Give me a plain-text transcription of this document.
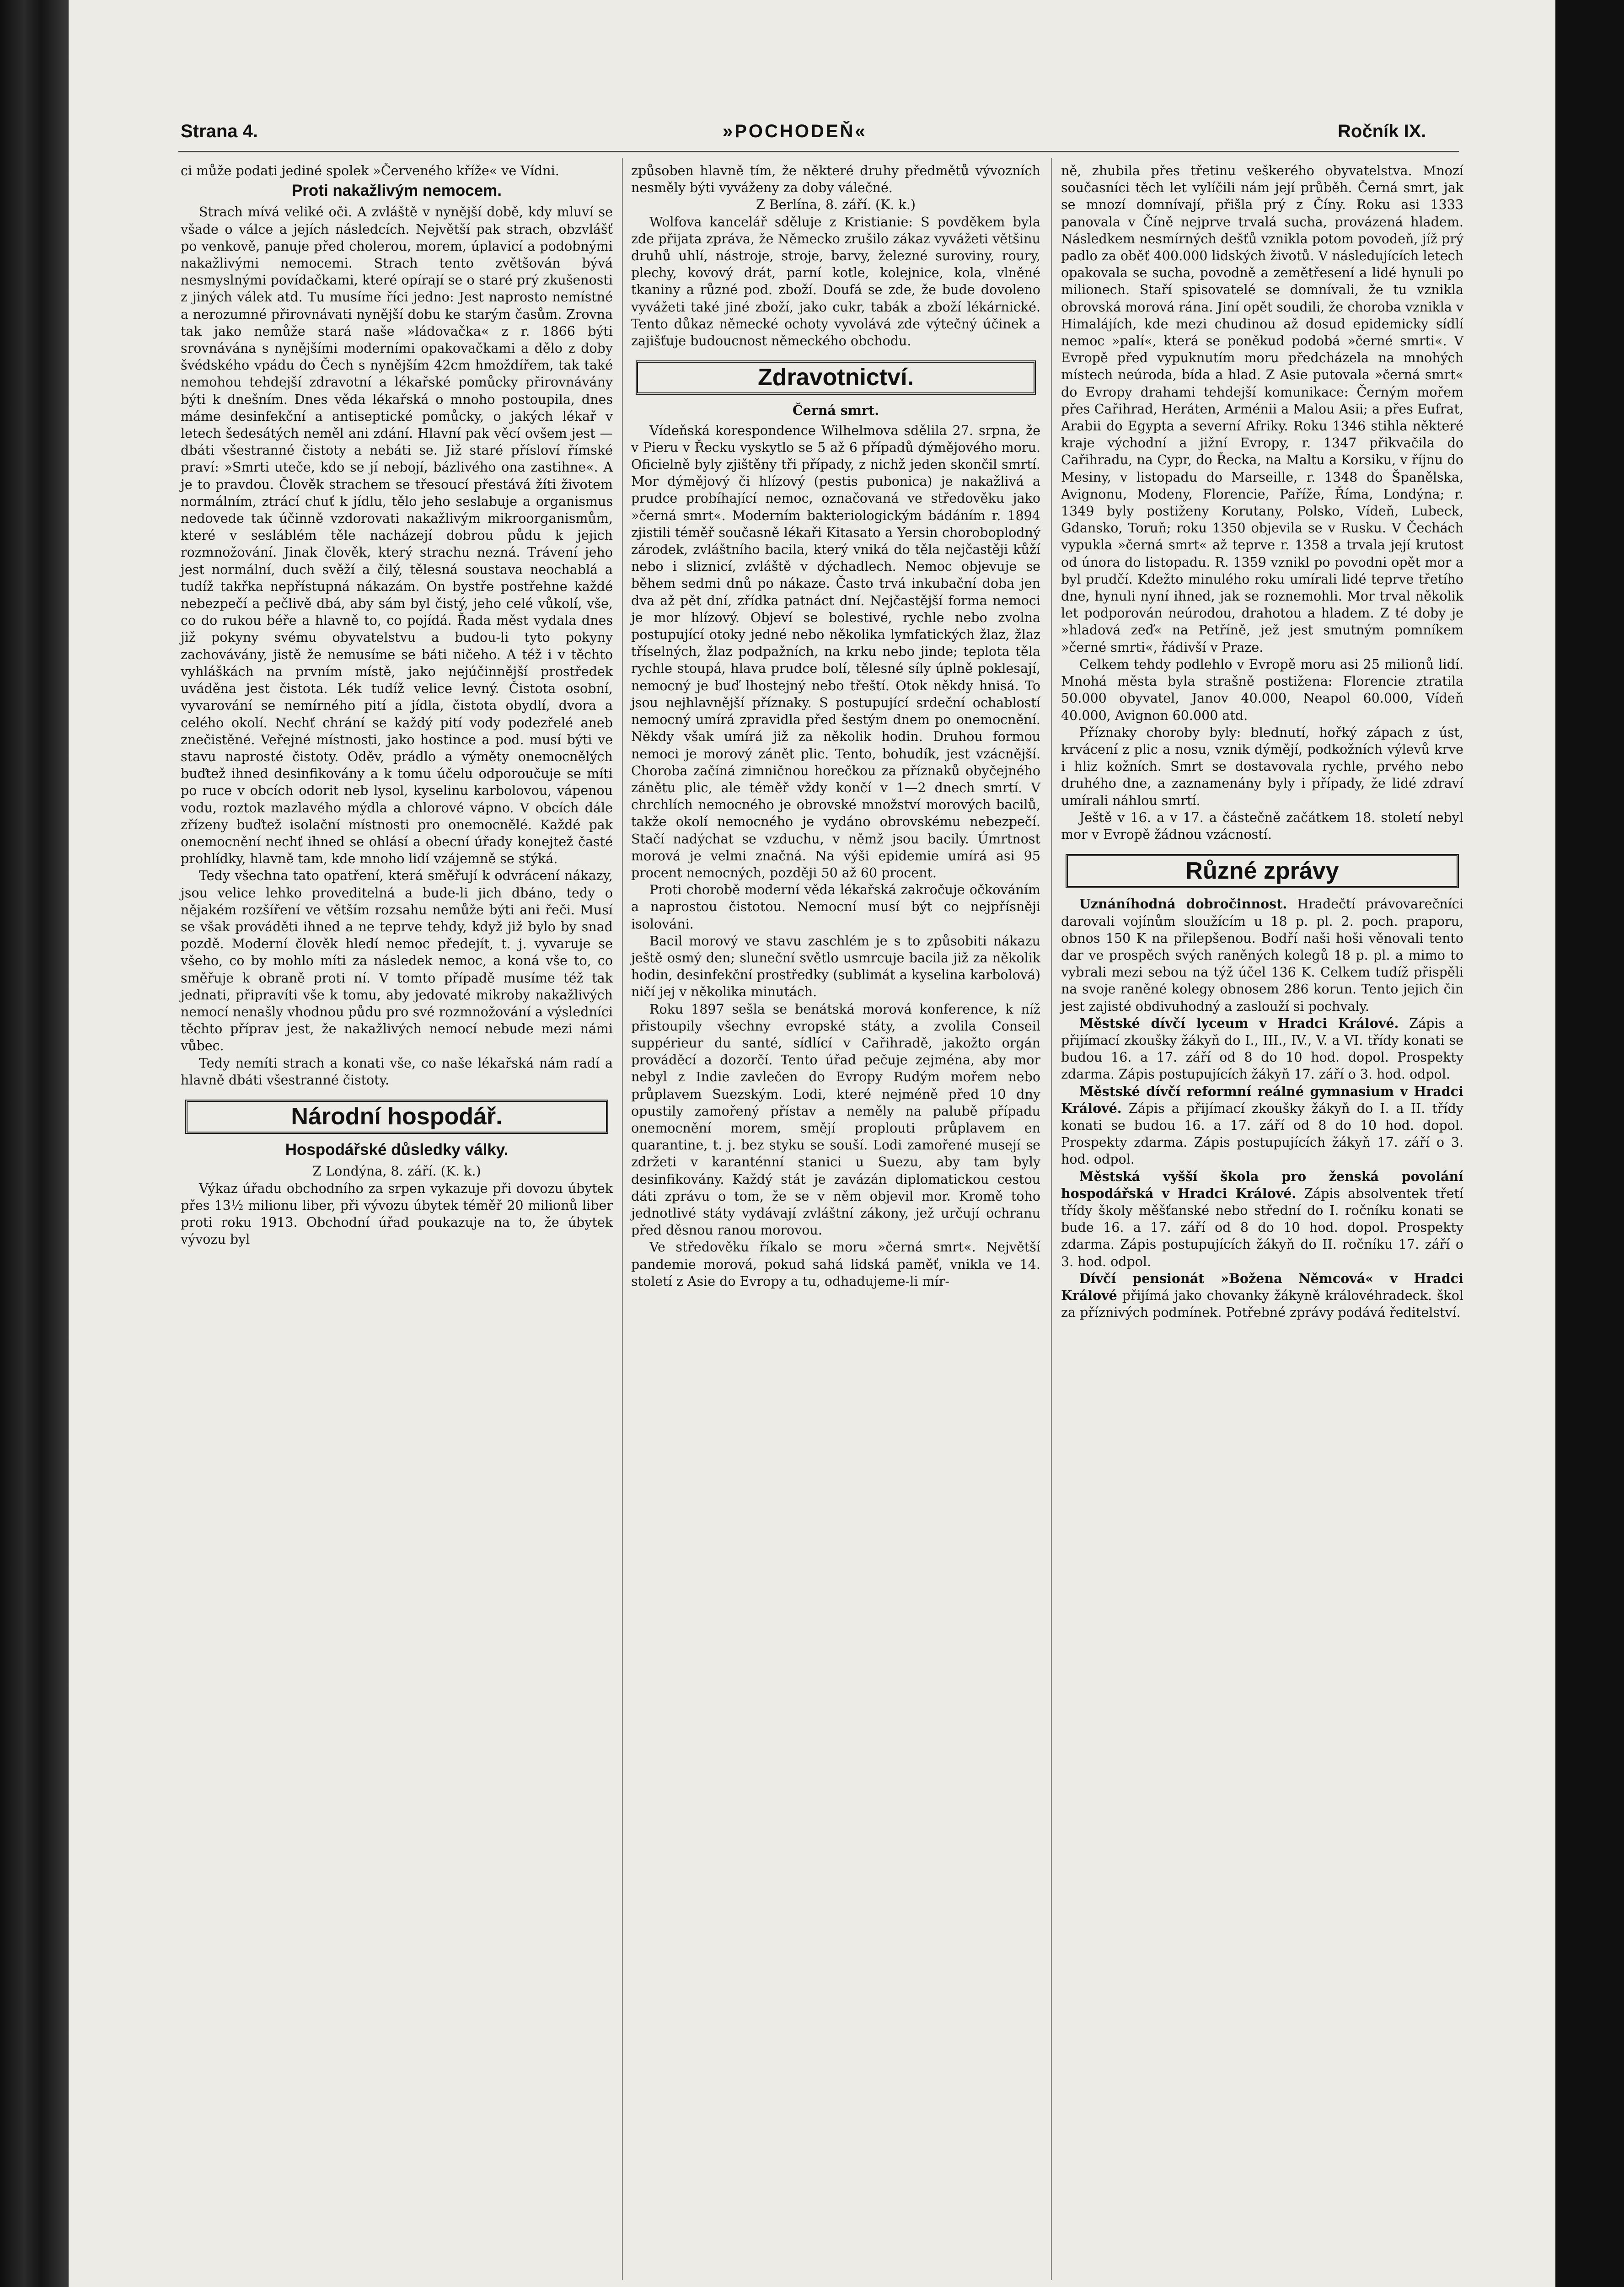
Strana 4.	»POCHODEŇ«	Ročník IX.

ci může podati jediné spolek »Červeného kříže« ve Vídni.

Proti nakažlivým nemocem.

Strach mívá veliké oči. A zvláště v nynější době, kdy mluví se všade o válce a jejích následcích. Největší pak strach, obzvlášť po venkově, panuje před cholerou, morem, úplavicí a podobnými nakažlivými nemocemi. Strach tento zvětšován bývá nesmyslnými povídačkami, které opírají se o staré prý zkušenosti z jiných válek atd. Tu musíme říci jedno: Jest naprosto nemístné a nerozumné přirovnávati nynější dobu ke starým časům. Zrovna tak jako nemůže stará naše »ládovačka« z r. 1866 býti srovnávána s nynějšími moderními opakovačkami a dělo z doby švédského vpádu do Čech s nynějším 42cm hmoždířem, tak také nemohou tehdejší zdravotní a lékařské pomůcky přirovnávány býti k dnešním. Dnes věda lékařská o mnoho postoupila, dnes máme desinfekční a antiseptické pomůcky, o jakých lékař v letech šedesátých neměl ani zdání. Hlavní pak věcí ovšem jest — dbáti všestranné čistoty a nebáti se. Již staré přísloví římské praví: »Smrti uteče, kdo se jí nebojí, bázlivého ona zastihne«. A je to pravdou. Člověk strachem se třesoucí přestává žíti životem normálním, ztrácí chuť k jídlu, tělo jeho seslabuje a organismus nedovede tak účinně vzdorovati nakažlivým mikroorganismům, které v sesláblém těle nacházejí dobrou půdu k jejich rozmnožování. Jinak člověk, který strachu nezná. Trávení jeho jest normální, duch svěží a čilý, tělesná soustava neochablá a tudíž takřka nepřístupná nákazám. On bystře postřehne každé nebezpečí a pečlivě dbá, aby sám byl čistý, jeho celé vůkolí, vše, co do rukou béře a hlavně to, co pojídá. Řada měst vydala dnes již pokyny svému obyvatelstvu a budou-li tyto pokyny zachovávány, jistě že nemusíme se báti ničeho. A též i v těchto vyhláškách na prvním místě, jako nejúčinnější prostředek uváděna jest čistota. Lék tudíž velice levný. Čistota osobní, vyvarování se nemírného pití a jídla, čistota obydlí, dvora a celého okolí. Nechť chrání se každý pití vody podezřelé aneb znečistěné. Veřejné místnosti, jako hostince a pod. musí býti ve stavu naprosté čistoty. Oděv, prádlo a výměty onemocnělých buďtež ihned desinfikovány a k tomu účelu odporoučuje se míti po ruce v obcích odorit neb lysol, kyselinu karbolovou, vápenou vodu, roztok mazlavého mýdla a chlorové vápno. V obcích dále zřízeny buďtež isolační místnosti pro onemocnělé. Každé pak onemocnění nechť ihned se ohlásí a obecní úřady konejtež časté prohlídky, hlavně tam, kde mnoho lidí vzájemně se stýká.

Tedy všechna tato opatření, která směřují k odvrácení nákazy, jsou velice lehko proveditelná a bude-li jich dbáno, tedy o nějakém rozšíření ve větším rozsahu nemůže býti ani řeči. Musí se však prováděti ihned a ne teprve tehdy, když již bylo by snad pozdě. Moderní člověk hledí nemoc předejít, t. j. vyvaruje se všeho, co by mohlo míti za následek nemoc, a koná vše to, co směřuje k obraně proti ní. V tomto případě musíme též tak jednati, připravíti vše k tomu, aby jedovaté mikroby nakažlivých nemocí nenašly vhodnou půdu pro své rozmnožování a výsledníci těchto příprav jest, že nakažlivých nemocí nebude mezi námi vůbec.

Tedy nemíti strach a konati vše, co naše lékařská nám radí a hlavně dbáti všestranné čistoty.

Národní hospodář.
Hospodářské důsledky války.

Z Londýna, 8. září. (K. k.)

Výkaz úřadu obchodního za srpen vykazuje při dovozu úbytek přes 13½ milionu liber, při vývozu úbytek téměř 20 milionů liber proti roku 1913. Obchodní úřad poukazuje na to, že úbytek vývozu byl

způsoben hlavně tím, že některé druhy předmětů vývozních nesměly býti vyváženy za doby válečné.

Z Berlína, 8. září. (K. k.)

Wolfova kancelář sděluje z Kristianie: S povděkem byla zde přijata zpráva, že Německo zrušilo zákaz vyvážeti většinu druhů uhlí, nástroje, stroje, barvy, železné suroviny, roury, plechy, kovový drát, parní kotle, kolejnice, kola, vlněné tkaniny a různé pod. zboží. Doufá se zde, že bude dovoleno vyvážeti také jiné zboží, jako cukr, tabák a zboží lékárnické. Tento důkaz německé ochoty vyvolává zde výtečný účinek a zajišťuje budoucnost německého obchodu.

Zdravotnictví.
Černá smrt.

Vídeňská korespondence Wilhelmova sdělila 27. srpna, že v Pieru v Řecku vyskytlo se 5 až 6 případů dýmějového moru. Oficielně byly zjištěny tři případy, z nichž jeden skončil smrtí. Mor dýmějový či hlízový (pestis pubonica) je nakažlivá a prudce probíhající nemoc, označovaná ve středověku jako »černá smrt«. Moderním bakteriologickým bádáním r. 1894 zjistili téměř současně lékaři Kitasato a Yersin choroboplodný zárodek, zvláštního bacila, který vniká do těla nejčastěji kůží nebo i sliznicí, zvláště v dýchadlech. Nemoc objevuje se během sedmi dnů po nákaze. Často trvá inkubační doba jen dva až pět dní, zřídka patnáct dní. Nejčastější forma nemoci je mor hlízový. Objeví se bolestivé, rychle nebo zvolna postupující otoky jedné nebo několika lymfatických žlaz, žlaz tříselných, žlaz podpažních, na krku nebo jinde; teplota těla rychle stoupá, hlava prudce bolí, tělesné síly úplně poklesají, nemocný je buď lhostejný nebo třeští. Otok někdy hnisá. To jsou nejhlavnější příznaky. S postupující srdeční ochablostí nemocný umírá zpravidla před šestým dnem po onemocnění. Někdy však umírá již za několik hodin. Druhou formou nemoci je morový zánět plic. Tento, bohudík, jest vzácnější. Choroba začíná zimničnou horečkou za příznaků obyčejného zánětu plic, ale téměř vždy končí v 1—2 dnech smrtí. V chrchlích nemocného je obrovské množství morových bacilů, takže okolí nemocného je vydáno obrovskému nebezpečí. Stačí nadýchat se vzduchu, v němž jsou bacily. Úmrtnost morová je velmi značná. Na výši epidemie umírá asi 95 procent nemocných, později 50 až 60 procent.

Proti chorobě moderní věda lékařská zakročuje očkováním a naprostou čistotou. Nemocní musí být co nejpřísněji isolováni.

Bacil morový ve stavu zaschlém je s to způsobiti nákazu ještě osmý den; sluneční světlo usmrcuje bacila již za několik hodin, desinfekční prostředky (sublimát a kyselina karbolová) ničí jej v několika minutách.

Roku 1897 sešla se benátská morová konference, k níž přistoupily všechny evropské státy, a zvolila Conseil suppérieur du santé, sídlící v Cařihradě, jakožto orgán prováděcí a dozorčí. Tento úřad pečuje zejména, aby mor nebyl z Indie zavlečen do Evropy Rudým mořem nebo průplavem Suezským. Lodi, které nejméně před 10 dny opustily zamořený přístav a neměly na palubě případu onemocnění morem, smějí proplouti průplavem en quarantine, t. j. bez styku se souší. Lodi zamořené musejí se zdržeti v karanténní stanici u Suezu, aby tam byly desinfikovány. Každý stát je zavázán diplomatickou cestou dáti zprávu o tom, že se v něm objevil mor. Kromě toho jednotlivé státy vydávají zvláštní zákony, jež určují ochranu před děsnou ranou morovou.

Ve středověku říkalo se moru »černá smrt«. Největší pandemie morová, pokud sahá lidská paměť, vnikla ve 14. století z Asie do Evropy a tu, odhadujeme-li mír-

ně, zhubila přes třetinu veškerého obyvatelstva. Mnozí současníci těch let vylíčili nám její průběh. Černá smrt, jak se mnozí domnívají, přišla prý z Číny. Roku asi 1333 panovala v Číně nejprve trvalá sucha, provázená hladem. Následkem nesmírných dešťů vznikla potom povodeň, jíž prý padlo za oběť 400.000 lidských životů. V následujících letech opakovala se sucha, povodně a zemětřesení a lidé hynuli po milionech. Staří spisovatelé se domnívali, že tu vznikla obrovská morová rána. Jiní opět soudili, že choroba vznikla v Himalájích, kde mezi chudinou až dosud epidemicky sídlí nemoc »palí«, která se poněkud podobá »černé smrti«. V Evropě před vypuknutím moru předcházela na mnohých místech neúroda, bída a hlad. Z Asie putovala »černá smrt« do Evropy drahami tehdejší komunikace: Černým mořem přes Cařihrad, Heráten, Arménii a Malou Asii; a přes Eufrat, Arabii do Egypta a severní Afriky. Roku 1346 stihla některé kraje východní a jižní Evropy, r. 1347 přikvačila do Cařihradu, na Cypr, do Řecka, na Maltu a Korsiku, v říjnu do Mesiny, v listopadu do Marseille, r. 1348 do Španělska, Avignonu, Modeny, Florencie, Paříže, Říma, Londýna; r. 1349 byly postiženy Korutany, Polsko, Vídeň, Lubeck, Gdansko, Toruň; roku 1350 objevila se v Rusku. V Čechách vypukla »černá smrt« až teprve r. 1358 a trvala její krutost od února do listopadu. R. 1359 vznikl po povodni opět mor a byl prudčí. Kdežto minulého roku umírali lidé teprve třetího dne, hynuli nyní ihned, jak se roznemohli. Mor trval několik let podporován neúrodou, drahotou a hladem. Z té doby je »hladová zeď« na Petříně, jež jest smutným pomníkem »černé smrti«, řádivší v Praze.

Celkem tehdy podlehlo v Evropě moru asi 25 milionů lidí. Mnohá města byla strašně postižena: Florencie ztratila 50.000 obyvatel, Janov 40.000, Neapol 60.000, Vídeň 40.000, Avignon 60.000 atd.

Příznaky choroby byly: blednutí, hořký zápach z úst, krvácení z plic a nosu, vznik dýmějí, podkožních výlevů krve i hliz kožních. Smrt se dostavovala rychle, prvého nebo druhého dne, a zaznamenány byly i případy, že lidé zdraví umírali náhlou smrtí.

Ještě v 16. a v 17. a částečně začátkem 18. století nebyl mor v Evropě žádnou vzácností.

Různé zprávy

Uznáníhodná dobročinnost. Hradečtí právovarečníci darovali vojínům sloužícím u 18 p. pl. 2. poch. praporu, obnos 150 K na přilepšenou. Bodří naši hoši věnovali tento dar ve prospěch svých raněných kolegů 18 p. pl. a mimo to vybrali mezi sebou na týž účel 136 K. Celkem tudíž přispěli na svoje raněné kolegy obnosem 286 korun. Tento jejich čin jest zajisté obdivuhodný a zaslouží si pochvaly.

Městské dívčí lyceum v Hradci Králové. Zápis a přijímací zkoušky žákyň do I., III., IV., V. a VI. třídy konati se budou 16. a 17. září od 8 do 10 hod. dopol. Prospekty zdarma. Zápis postupujících žákyň 17. září o 3. hod. odpol.

Městské dívčí reformní reálné gymnasium v Hradci Králové. Zápis a přijímací zkoušky žákyň do I. a II. třídy konati se budou 16. a 17. září od 8 do 10 hod. dopol. Prospekty zdarma. Zápis postupujících žákyň 17. září o 3. hod. odpol.

Městská vyšší škola pro ženská povolání hospodářská v Hradci Králové. Zápis absolventek třetí třídy školy měšťanské nebo střední do I. ročníku konati se bude 16. a 17. září od 8 do 10 hod. dopol. Prospekty zdarma. Zápis postupujících žákyň do II. ročníku 17. září o 3. hod. odpol.

Dívčí pensionát »Božena Němcová« v Hradci Králové přijímá jako chovanky žákyně královéhradeck. škol za příznivých podmínek. Potřebné zprávy podává ředitelství.
